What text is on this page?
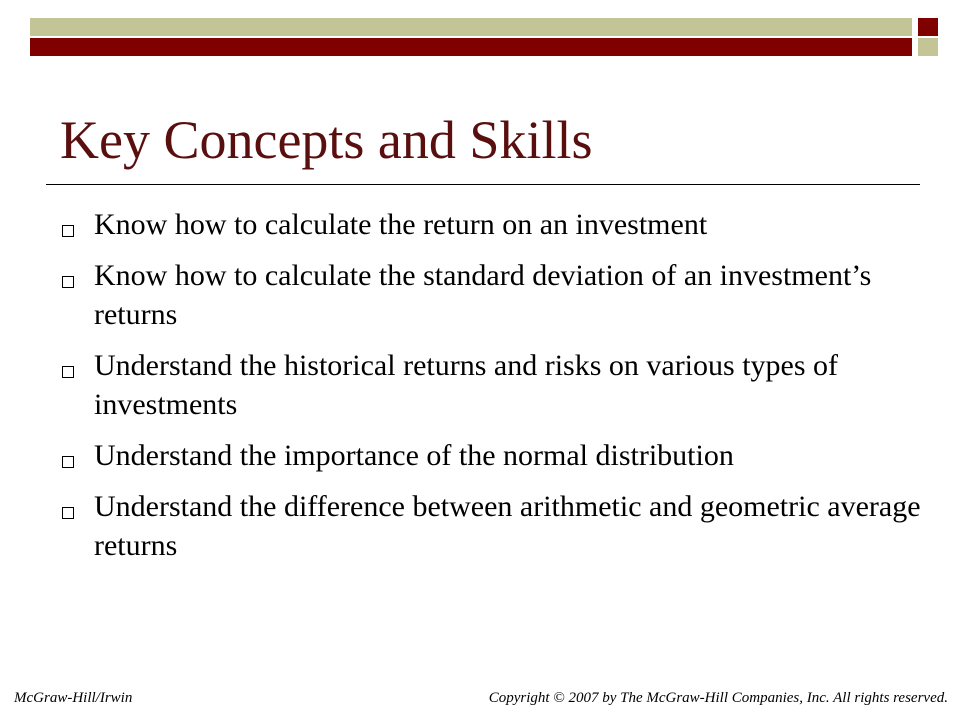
Key Concepts and Skills
Know how to calculate the return on an investment
Know how to calculate the standard deviation of an investment’s returns
Understand the historical returns and risks on various types of investments
Understand the importance of the normal distribution
Understand the difference between arithmetic and geometric average returns
McGraw-Hill/Irwin	Copyright © 2007 by The McGraw-Hill Companies, Inc. All rights reserved.
